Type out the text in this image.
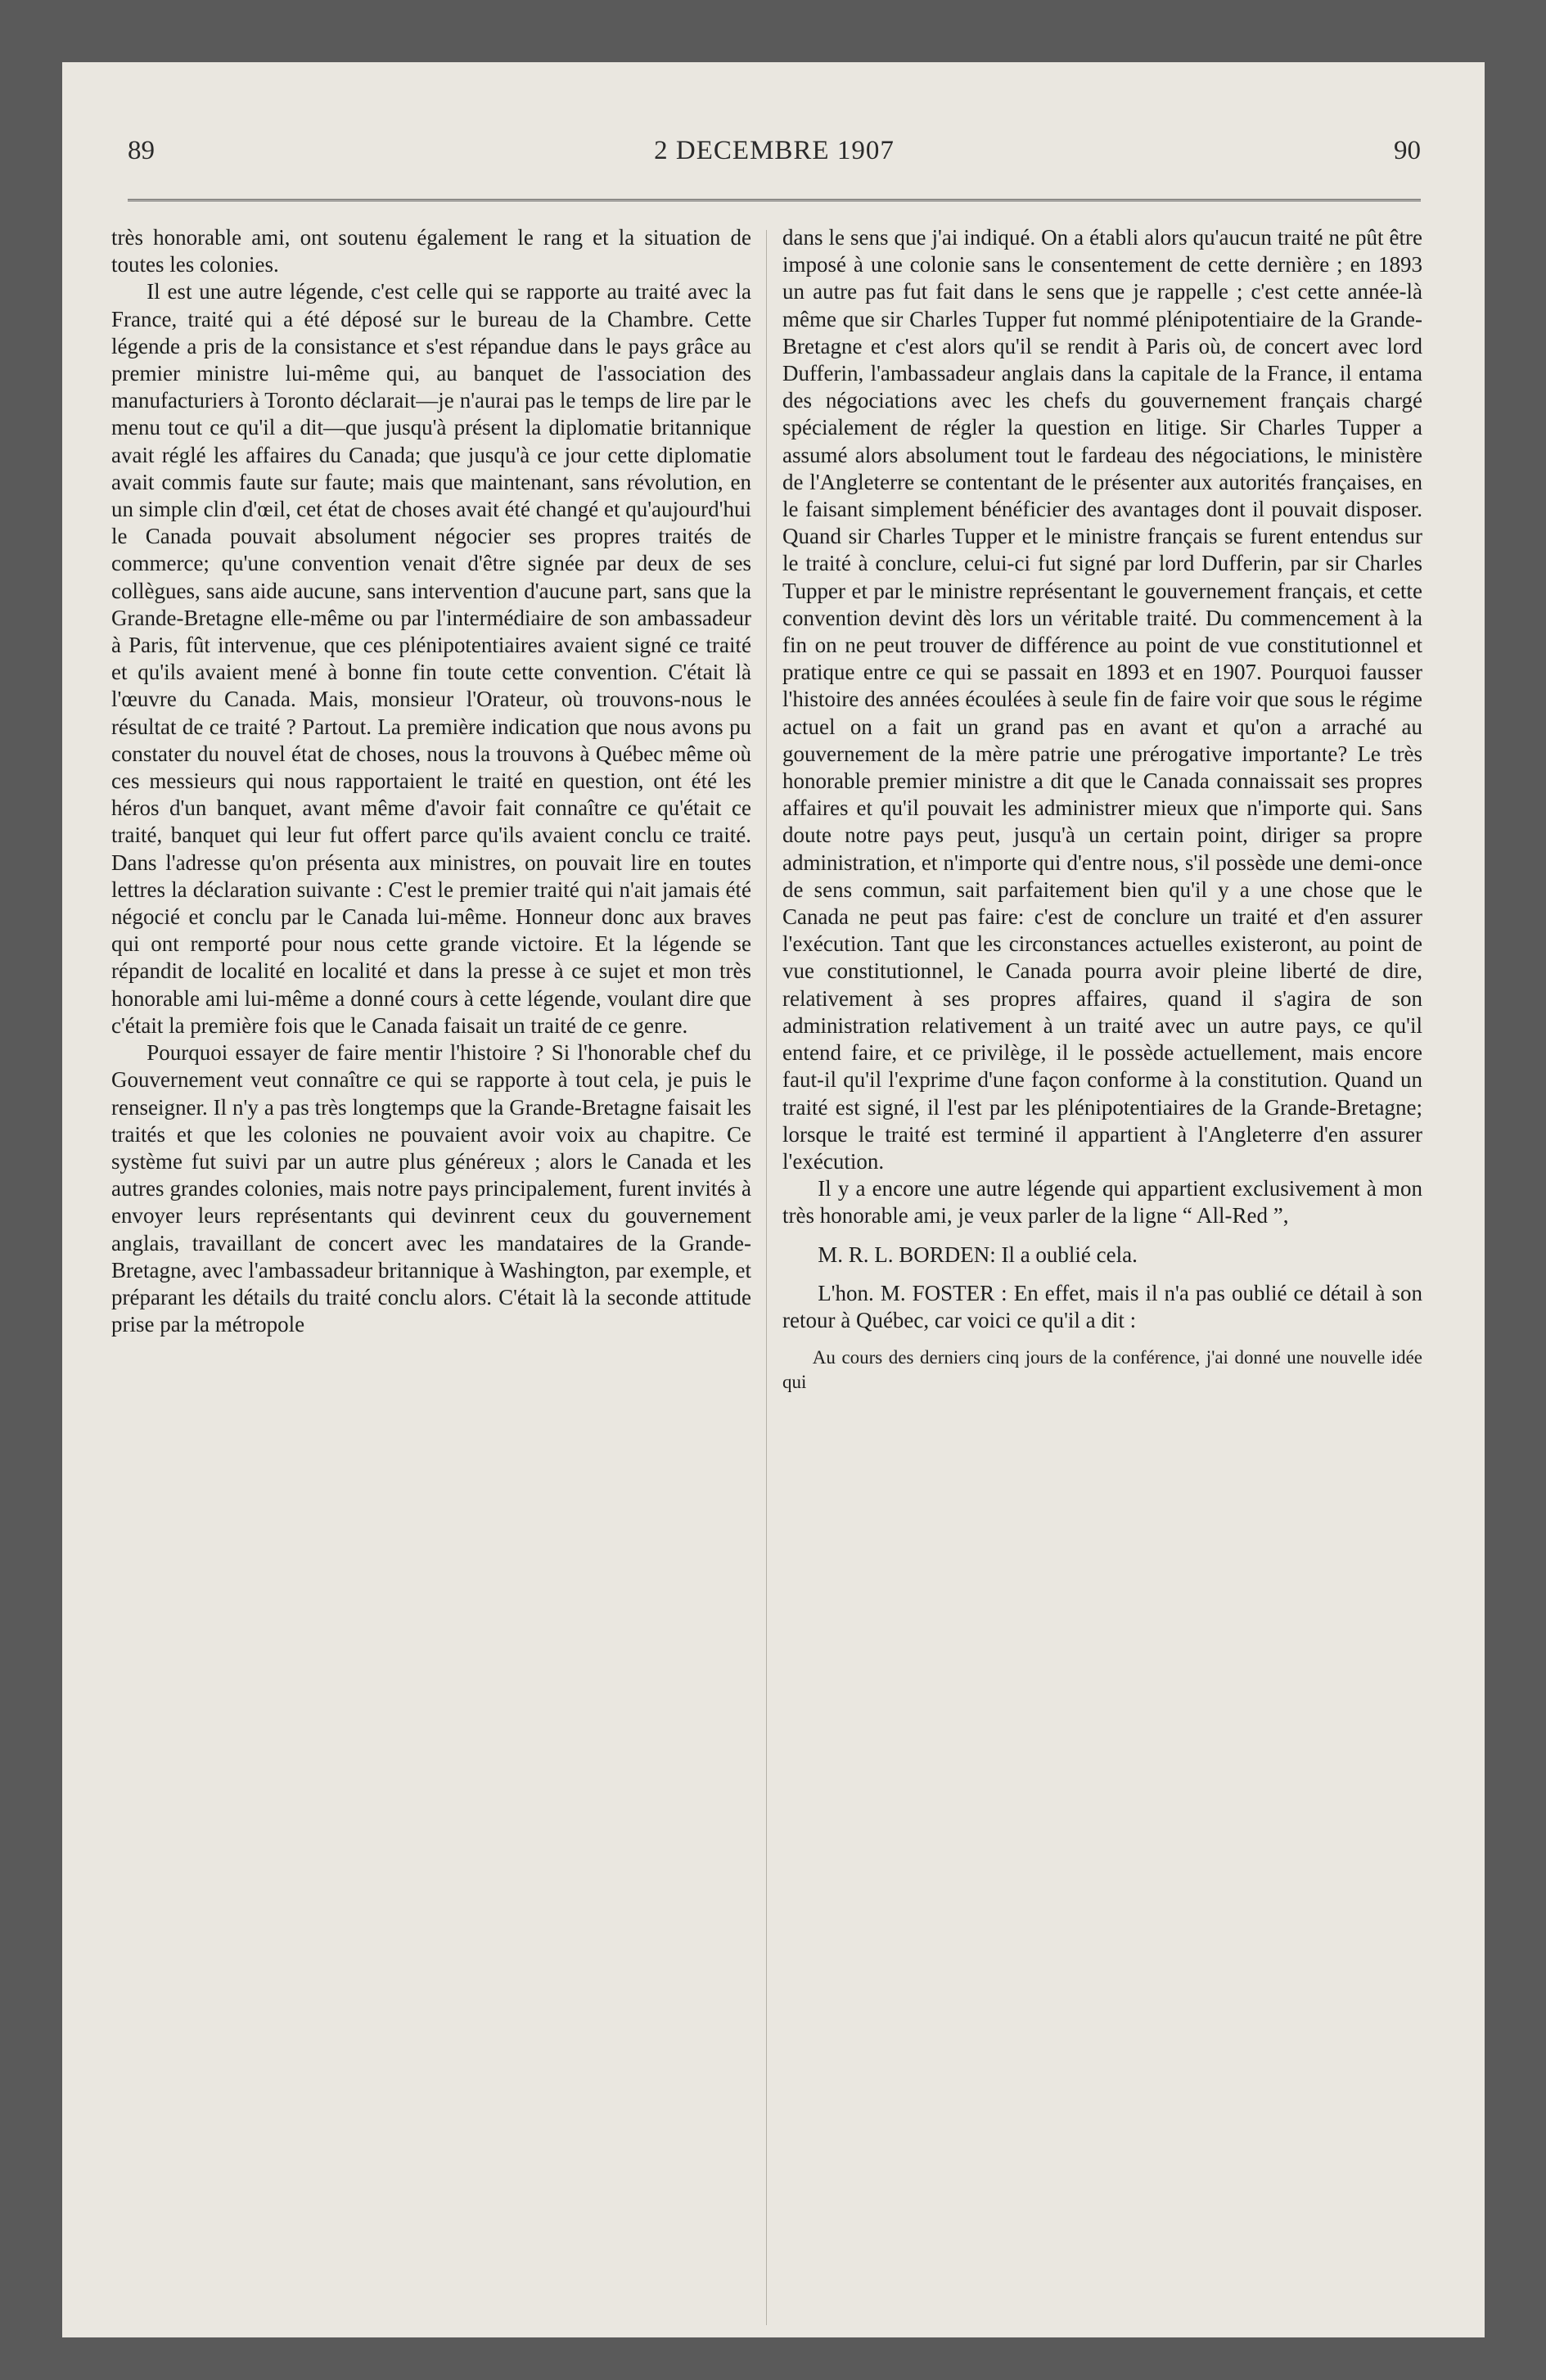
89	2 DECEMBRE 1907	90

très honorable ami, ont soutenu également le rang et la situation de toutes les colonies.

Il est une autre légende, c'est celle qui se rapporte au traité avec la France, traité qui a été déposé sur le bureau de la Chambre. Cette légende a pris de la consistance et s'est répandue dans le pays grâce au premier ministre lui-même qui, au banquet de l'association des manufacturiers à Toronto déclarait—je n'aurai pas le temps de lire par le menu tout ce qu'il a dit—que jusqu'à présent la diplomatie britannique avait réglé les affaires du Canada; que jusqu'à ce jour cette diplomatie avait commis faute sur faute; mais que maintenant, sans révolution, en un simple clin d'œil, cet état de choses avait été changé et qu'aujourd'hui le Canada pouvait absolument négocier ses propres traités de commerce; qu'une convention venait d'être signée par deux de ses collègues, sans aide aucune, sans intervention d'aucune part, sans que la Grande-Bretagne elle-même ou par l'intermédiaire de son ambassadeur à Paris, fût intervenue, que ces plénipotentiaires avaient signé ce traité et qu'ils avaient mené à bonne fin toute cette convention. C'était là l'œuvre du Canada. Mais, monsieur l'Orateur, où trouvons-nous le résultat de ce traité ? Partout. La première indication que nous avons pu constater du nouvel état de choses, nous la trouvons à Québec même où ces messieurs qui nous rapportaient le traité en question, ont été les héros d'un banquet, avant même d'avoir fait connaître ce qu'était ce traité, banquet qui leur fut offert parce qu'ils avaient conclu ce traité. Dans l'adresse qu'on présenta aux ministres, on pouvait lire en toutes lettres la déclaration suivante : C'est le premier traité qui n'ait jamais été négocié et conclu par le Canada lui-même. Honneur donc aux braves qui ont remporté pour nous cette grande victoire. Et la légende se répandit de localité en localité et dans la presse à ce sujet et mon très honorable ami lui-même a donné cours à cette légende, voulant dire que c'était la première fois que le Canada faisait un traité de ce genre.

Pourquoi essayer de faire mentir l'histoire ? Si l'honorable chef du Gouvernement veut connaître ce qui se rapporte à tout cela, je puis le renseigner. Il n'y a pas très longtemps que la Grande-Bretagne faisait les traités et que les colonies ne pouvaient avoir voix au chapitre. Ce système fut suivi par un autre plus généreux ; alors le Canada et les autres grandes colonies, mais notre pays principalement, furent invités à envoyer leurs représentants qui devinrent ceux du gouvernement anglais, travaillant de concert avec les mandataires de la Grande-Bretagne, avec l'ambassadeur britannique à Washington, par exemple, et préparant les détails du traité conclu alors. C'était là la seconde attitude prise par la métropole

dans le sens que j'ai indiqué. On a établi alors qu'aucun traité ne pût être imposé à une colonie sans le consentement de cette dernière ; en 1893 un autre pas fut fait dans le sens que je rappelle ; c'est cette année-là même que sir Charles Tupper fut nommé plénipotentiaire de la Grande-Bretagne et c'est alors qu'il se rendit à Paris où, de concert avec lord Dufferin, l'ambassadeur anglais dans la capitale de la France, il entama des négociations avec les chefs du gouvernement français chargé spécialement de régler la question en litige. Sir Charles Tupper a assumé alors absolument tout le fardeau des négociations, le ministère de l'Angleterre se contentant de le présenter aux autorités françaises, en le faisant simplement bénéficier des avantages dont il pouvait disposer. Quand sir Charles Tupper et le ministre français se furent entendus sur le traité à conclure, celui-ci fut signé par lord Dufferin, par sir Charles Tupper et par le ministre représentant le gouvernement français, et cette convention devint dès lors un véritable traité. Du commencement à la fin on ne peut trouver de différence au point de vue constitutionnel et pratique entre ce qui se passait en 1893 et en 1907. Pourquoi fausser l'histoire des années écoulées à seule fin de faire voir que sous le régime actuel on a fait un grand pas en avant et qu'on a arraché au gouvernement de la mère patrie une prérogative importante? Le très honorable premier ministre a dit que le Canada connaissait ses propres affaires et qu'il pouvait les administrer mieux que n'importe qui. Sans doute notre pays peut, jusqu'à un certain point, diriger sa propre administration, et n'importe qui d'entre nous, s'il possède une demi-once de sens commun, sait parfaitement bien qu'il y a une chose que le Canada ne peut pas faire: c'est de conclure un traité et d'en assurer l'exécution. Tant que les circonstances actuelles existeront, au point de vue constitutionnel, le Canada pourra avoir pleine liberté de dire, relativement à ses propres affaires, quand il s'agira de son administration relativement à un traité avec un autre pays, ce qu'il entend faire, et ce privilège, il le possède actuellement, mais encore faut-il qu'il l'exprime d'une façon conforme à la constitution. Quand un traité est signé, il l'est par les plénipotentiaires de la Grande-Bretagne; lorsque le traité est terminé il appartient à l'Angleterre d'en assurer l'exécution.

Il y a encore une autre légende qui appartient exclusivement à mon très honorable ami, je veux parler de la ligne “ All-Red ”,

M. R. L. BORDEN: Il a oublié cela.

L'hon. M. FOSTER : En effet, mais il n'a pas oublié ce détail à son retour à Québec, car voici ce qu'il a dit :

Au cours des derniers cinq jours de la conférence, j'ai donné une nouvelle idée qui
